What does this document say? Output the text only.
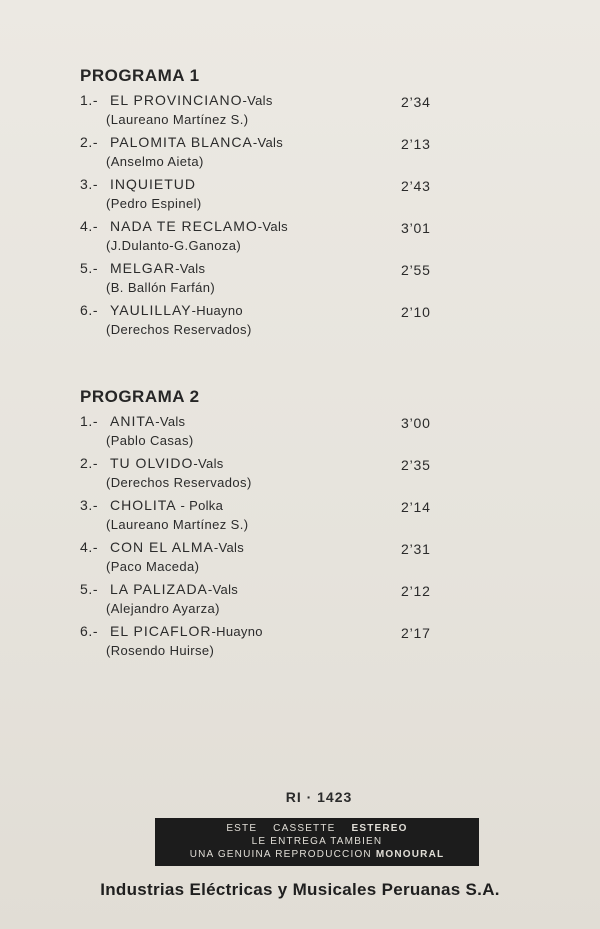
PROGRAMA 1
1.- EL PROVINCIANO-Vals
(Laureano Martínez S.)
2’34
2.- PALOMITA BLANCA-Vals
(Anselmo Aieta)
2’13
3.- INQUIETUD
(Pedro Espinel)
2’43
4.- NADA TE RECLAMO-Vals
(J.Dulanto-G.Ganoza)
3’01
5.- MELGAR-Vals
(B. Ballón Farfán)
2’55
6.- YAULILLAY-Huayno
(Derechos Reservados)
2’10
PROGRAMA 2
1.- ANITA-Vals
(Pablo Casas)
3’00
2.- TU OLVIDO-Vals
(Derechos Reservados)
2’35
3.- CHOLITA - Polka
(Laureano Martínez S.)
2’14
4.- CON EL ALMA-Vals
(Paco Maceda)
2’31
5.- LA PALIZADA-Vals
(Alejandro Ayarza)
2’12
6.- EL PICAFLOR-Huayno
(Rosendo Huirse)
2’17
RI · 1423
ESTE CASSETTE ESTEREO
LE ENTREGA TAMBIEN
UNA GENUINA REPRODUCCION MONOURAL
Industrias Eléctricas y Musicales Peruanas S.A.
